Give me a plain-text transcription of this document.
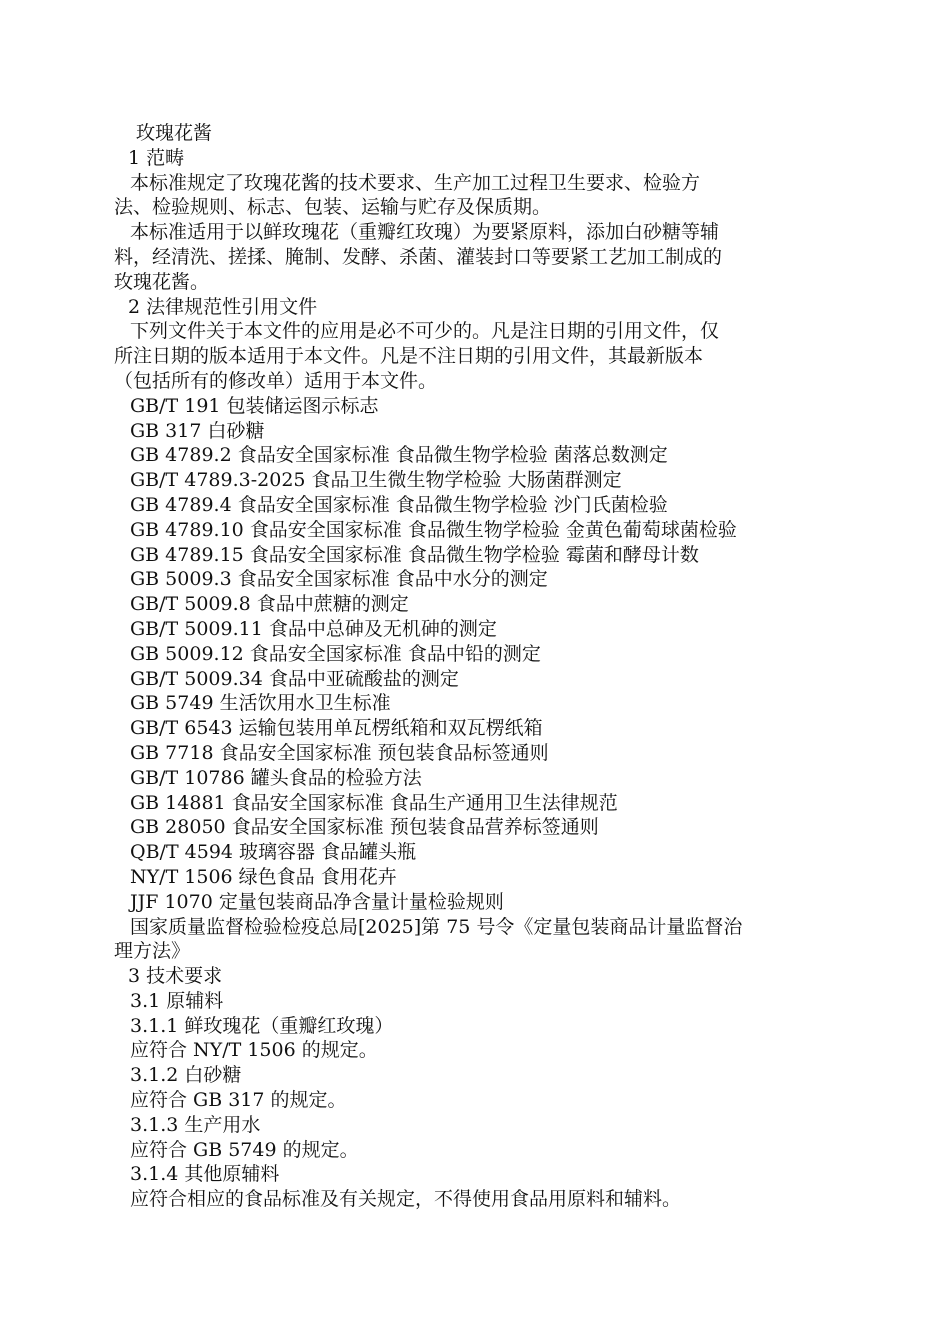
玫瑰花酱
1 范畴
本标准规定了玫瑰花酱的技术要求、生产加工过程卫生要求、检验方
法、检验规则、标志、包装、运输与贮存及保质期。
本标准适用于以鲜玫瑰花（重瓣红玫瑰）为要紧原料，添加白砂糖等辅
料，经清洗、搓揉、腌制、发酵、杀菌、灌装封口等要紧工艺加工制成的
玫瑰花酱。
2 法律规范性引用文件
下列文件关于本文件的应用是必不可少的。凡是注日期的引用文件，仅
所注日期的版本适用于本文件。凡是不注日期的引用文件，其最新版本
（包括所有的修改单）适用于本文件。
GB/T 191 包装储运图示标志
GB 317 白砂糖
GB 4789.2 食品安全国家标准 食品微生物学检验 菌落总数测定
GB/T 4789.3-2025 食品卫生微生物学检验 大肠菌群测定
GB 4789.4 食品安全国家标准 食品微生物学检验 沙门氏菌检验
GB 4789.10 食品安全国家标准 食品微生物学检验 金黄色葡萄球菌检验
GB 4789.15 食品安全国家标准 食品微生物学检验 霉菌和酵母计数
GB 5009.3 食品安全国家标准 食品中水分的测定
GB/T 5009.8 食品中蔗糖的测定
GB/T 5009.11 食品中总砷及无机砷的测定
GB 5009.12 食品安全国家标准 食品中铅的测定
GB/T 5009.34 食品中亚硫酸盐的测定
GB 5749 生活饮用水卫生标准
GB/T 6543 运输包装用单瓦楞纸箱和双瓦楞纸箱
GB 7718 食品安全国家标准 预包装食品标签通则
GB/T 10786 罐头食品的检验方法
GB 14881 食品安全国家标准 食品生产通用卫生法律规范
GB 28050 食品安全国家标准 预包装食品营养标签通则
QB/T 4594 玻璃容器 食品罐头瓶
NY/T 1506 绿色食品 食用花卉
JJF 1070 定量包装商品净含量计量检验规则
国家质量监督检验检疫总局[2025]第 75 号令《定量包装商品计量监督治
理方法》
3 技术要求
3.1 原辅料
3.1.1 鲜玫瑰花（重瓣红玫瑰）
应符合 NY/T 1506 的规定。
3.1.2 白砂糖
应符合 GB 317 的规定。
3.1.3 生产用水
应符合 GB 5749 的规定。
3.1.4 其他原辅料
应符合相应的食品标准及有关规定，不得使用食品用原料和辅料。
